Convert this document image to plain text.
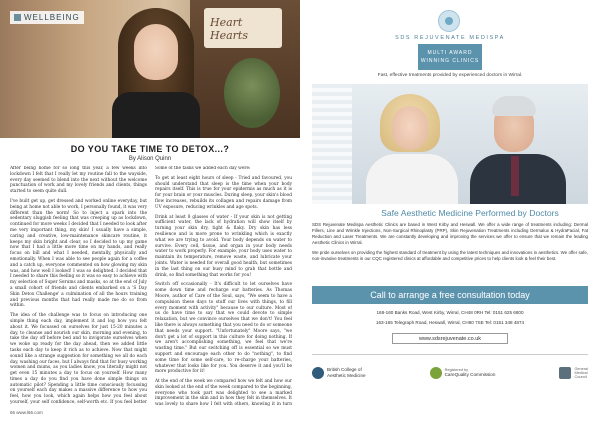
Heart Hearts
WELLBEING
DO YOU TAKE TIME TO DETOX...?
By Alison Quinn

After being home for so long this year, a few weeks into lockdown I felt that I really let my routine fall to the wayside, every day seemed to blend into the next without the welcome punctuation of work and my lovely friends and clients, things started to seem quite dull.

I've built get up, get dressed and worked online everyday, but being at home not able to work, I personally found, it was very different than the norm! So to inject a spark into the sedentary sluggish feeling that was creeping up as lockdown, continued for more weeks I decided that I needed to look after me very important thing, my skin! I usually have a simple, caring and creative, low-maintenance skincare routine, it keeps my skin bright and clear, so I decided to up my game now that I had a little more time on my hands, and really focus on bill and what I needed, mentally, physically and emotionally. When I was able to see people again for a coffee and a catch up, everyone commented on how glowing my skin was, and how well I looked! I was so delighted. I decided that I needed to share this feeling so it was so easy to achieve with my selection of Super Serums and masks, so at the end of July a small cohort of friends and clients embarked on a 'S Day Skin Detox Challenge' a culmination of all the hours training and previous months that had really made me do so from within.

The idea of the challenge was to focus on introducing one simple thing each day, implement it and log how you felt about it. We focussed on ourselves for just 15-20 minutes a day, to cleanse and nourish our skin, morning and evening, to take the day off before bed and to invigorate ourselves when we woke up ready for the day ahead, then we added little tasks each day to keep it rich as to achieve. Now that might sound like a strange suggestion for something we all do each day, washing our faces, but I always find that for busy working women and mums, as you ladies know, you literally might not get even 15 minutes a day to focus on yourself. How many times a day do you find you have done simple things on automatic pilot? Spending a little time consciously focussing on yourself each day makes a massive difference to how you feel, how you look, which again helps how you feel about yourself, your self confidence, self-worth etc. If you feel better

Some of the tasks we added each day were:

To get at least eight hours of sleep - Tried and favoured, you should understand that sleep is the time when your body repairs itself. This is true for your epidermis as much as it is for your brain or your muscles. During sleep, your skin's blood flow increases, rebuilds its collagen and repairs damage from UV exposure, reducing wrinkles and age spots.

Drink at least 8 glasses of water - If your skin is not getting sufficient water, the lack of hydration will show itself by turning your skin dry, tight & flaky. Dry skin has less resilience and is more prone to wrinkling which is exactly what we are trying to avoid. Your body depends on water to survive. Every cell, tissue, and organ in your body needs water to work properly. For example, your body uses water to maintain its temperature, remove waste, and lubricate your joints. Water is needed for overall good health, but sometimes in the last thing on our busy mind to grab that bottle and drink, so find something that works for you!

Switch off occasionally - It's difficult to let ourselves have some down time and recharge our batteries. As Thomas Moore, author of Care of the Soul, says, "We seem to have a compulsion these days to stuff our lives with things, to fill every moment with activity" because to our culture. Most of us do have time to say that we could devote to simple relaxation, but we convince ourselves that we don't! You feel like there is always something that you need to do or someone that needs your support. "Unfortunately" Moore says, "we don't get a lot of support in this culture for doing nothing. If we aren't accomplishing something, we feel that we're wasting time." But our switching off is essential so we must support and encourage each other to do "nothing", to find some time for some self-care, to re-charge your batteries, whatever that looks like for you. You deserve it and you'll be more productive for it!

At the end of the week we compared how we felt and how our skin looked at the end of the week compared to the beginning, everyone who took part was delighted to see a marked improvement in the skin and in how they felt in themselves. It was lovely to share how I felt with others, knowing it in turn

66 www.l66.com
SDS REJUVENATE MEDISPA
MULTI AWARD
WINNING CLINICS
Fast, effective treatments provided by experienced doctors in Wirral.
Safe Aesthetic Medicine Performed by Doctors

SDS Rejuvenate Medispa Aesthetic Clinics are based in West Kirby and Heswall. We offer a wide range of treatments including: Dermal Fillers, Line and Wrinkle Injections, Non-Surgical Rhinoplasty (PRP), Skin Rejuvenation Treatments including Dermalux & HydraFacial, Fat Reduction and Laser Treatments. We are constantly developing and improving the services we offer to ensure that we remain the leading Aesthetic Clinics in Wirral.

We pride ourselves on providing the highest standard of treatment by using the latest techniques and innovations in aesthetics. We offer safe, non-invasive treatments in our CQC registered clinics at affordable and competitive prices to help clients look & feel their best.

Call to arrange a free consultation today
168-160 Banks Road, West Kirby, Wirral, CH48 0RH Tel: 0151 625 6800
163-165 Telegraph Road, Heswall, Wirral, CH60 7SE Tel: 0151 348 4874
www.sdsrejuvenate.co.uk
British College of
Aesthetic Medicine
Registered by
CareQuality Commission
General
Medical
Council
